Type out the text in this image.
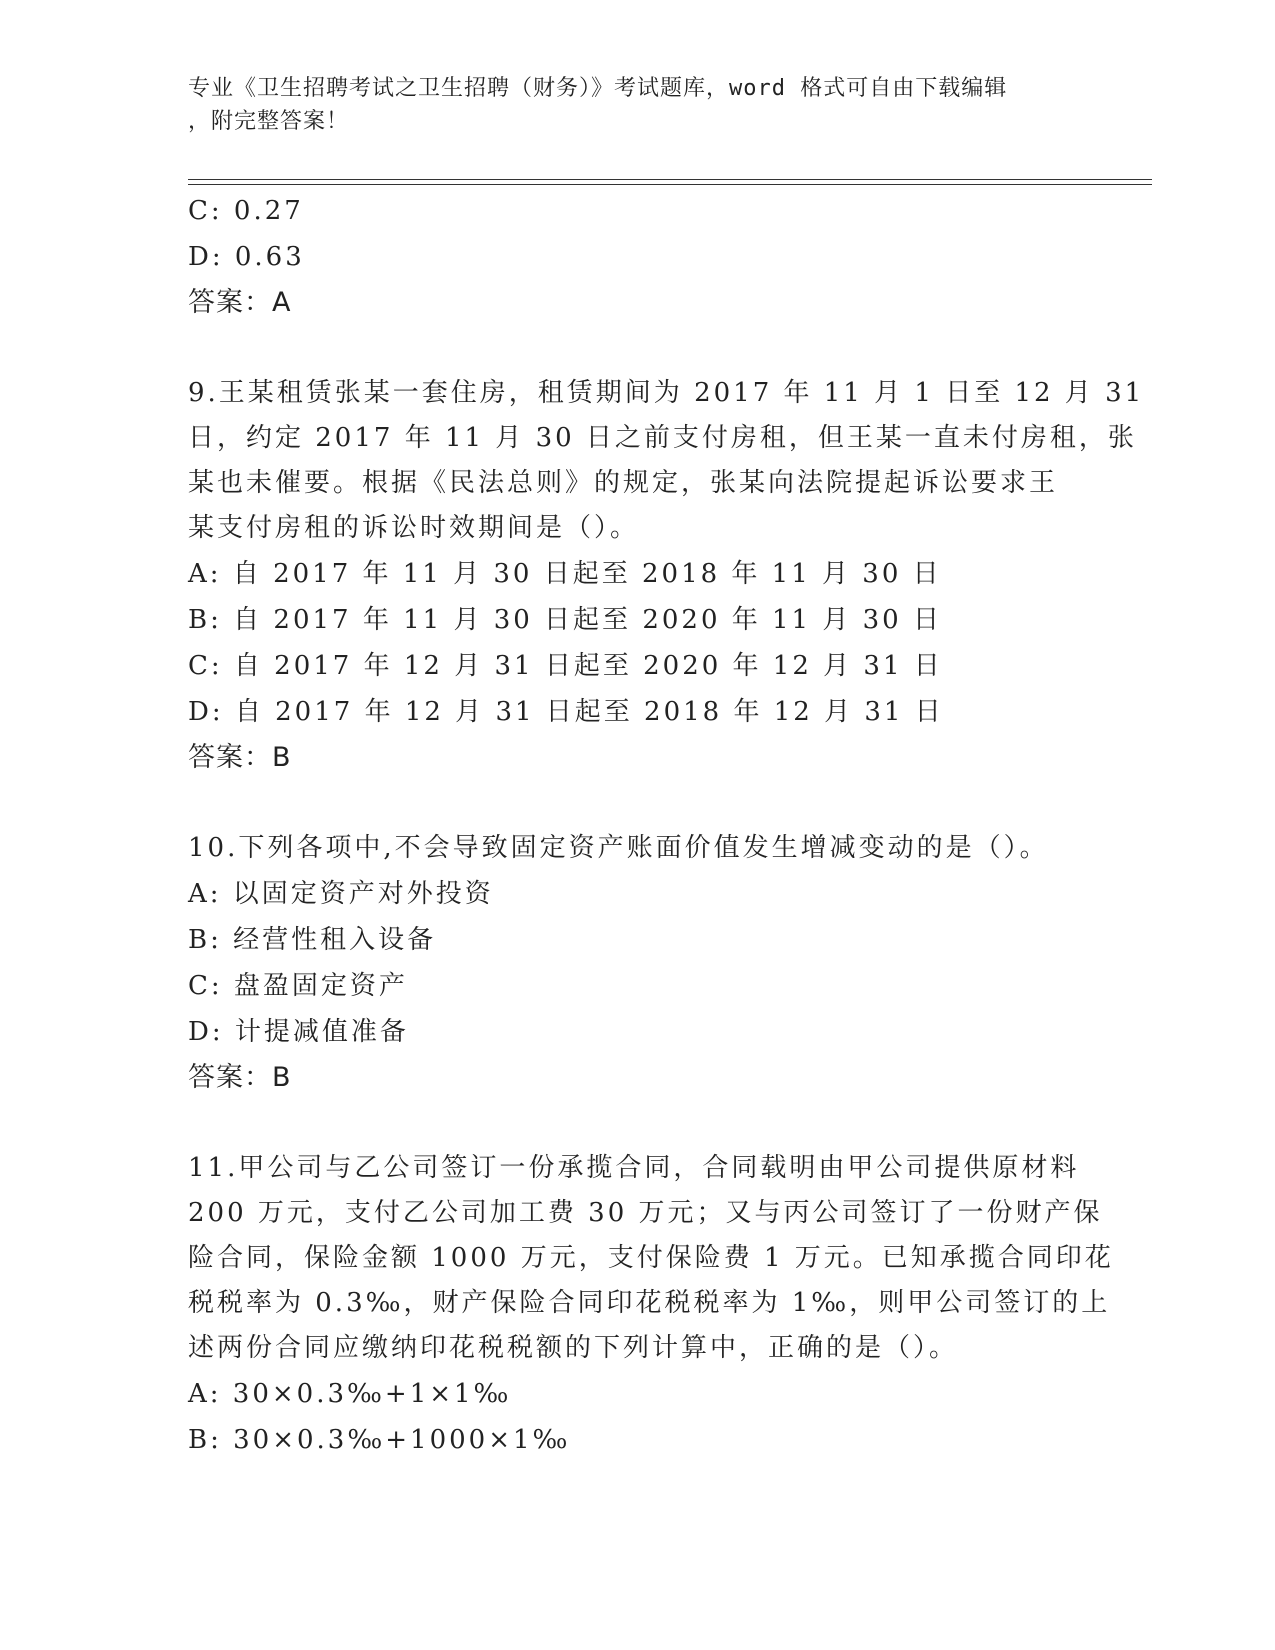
专业《卫生招聘考试之卫生招聘（财务）》考试题库，word 格式可自由下载编辑
，附完整答案！
C: 0.27
D: 0.63
答案：A
9.王某租赁张某一套住房，租赁期间为 2017 年 11 月 1 日至 12 月 31
日，约定 2017 年 11 月 30 日之前支付房租，但王某一直未付房租，张
某也未催要。根据《民法总则》的规定，张某向法院提起诉讼要求王
某支付房租的诉讼时效期间是（）。
A: 自 2017 年 11 月 30 日起至 2018 年 11 月 30 日
B: 自 2017 年 11 月 30 日起至 2020 年 11 月 30 日
C: 自 2017 年 12 月 31 日起至 2020 年 12 月 31 日
D: 自 2017 年 12 月 31 日起至 2018 年 12 月 31 日
答案：B
10.下列各项中,不会导致固定资产账面价值发生增减变动的是（）。
A: 以固定资产对外投资
B: 经营性租入设备
C: 盘盈固定资产
D: 计提减值准备
答案：B
11.甲公司与乙公司签订一份承揽合同，合同载明由甲公司提供原材料
200 万元，支付乙公司加工费 30 万元；又与丙公司签订了一份财产保
险合同，保险金额 1000 万元，支付保险费 1 万元。已知承揽合同印花
税税率为 0.3‰，财产保险合同印花税税率为 1‰，则甲公司签订的上
述两份合同应缴纳印花税税额的下列计算中，正确的是（）。
A: 30×0.3‰+1×1‰
B: 30×0.3‰+1000×1‰
